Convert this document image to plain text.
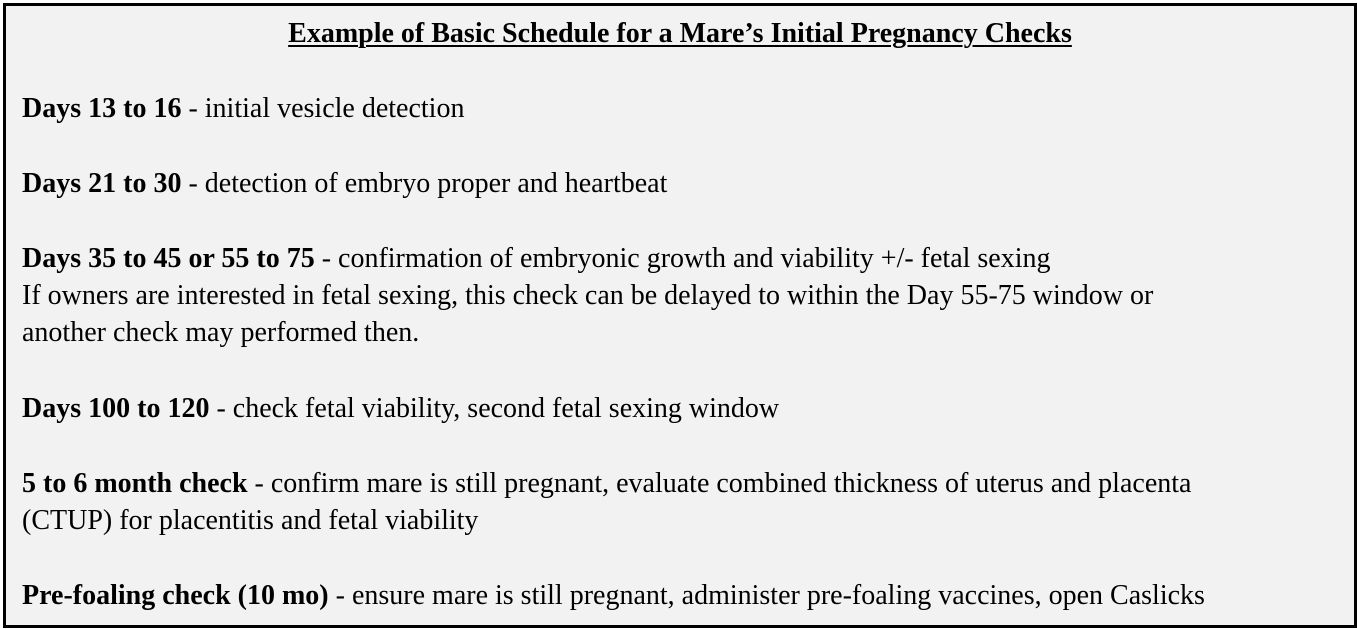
Example of Basic Schedule for a Mare’s Initial Pregnancy Checks
Days 13 to 16 - initial vesicle detection
Days 21 to 30 - detection of embryo proper and heartbeat
Days 35 to 45 or 55 to 75 - confirmation of embryonic growth and viability +/- fetal sexing
If owners are interested in fetal sexing, this check can be delayed to within the Day 55-75 window or
another check may performed then.
Days 100 to 120 - check fetal viability, second fetal sexing window
5 to 6 month check - confirm mare is still pregnant, evaluate combined thickness of uterus and placenta
(CTUP) for placentitis and fetal viability
Pre-foaling check (10 mo) - ensure mare is still pregnant, administer pre-foaling vaccines, open Caslicks
